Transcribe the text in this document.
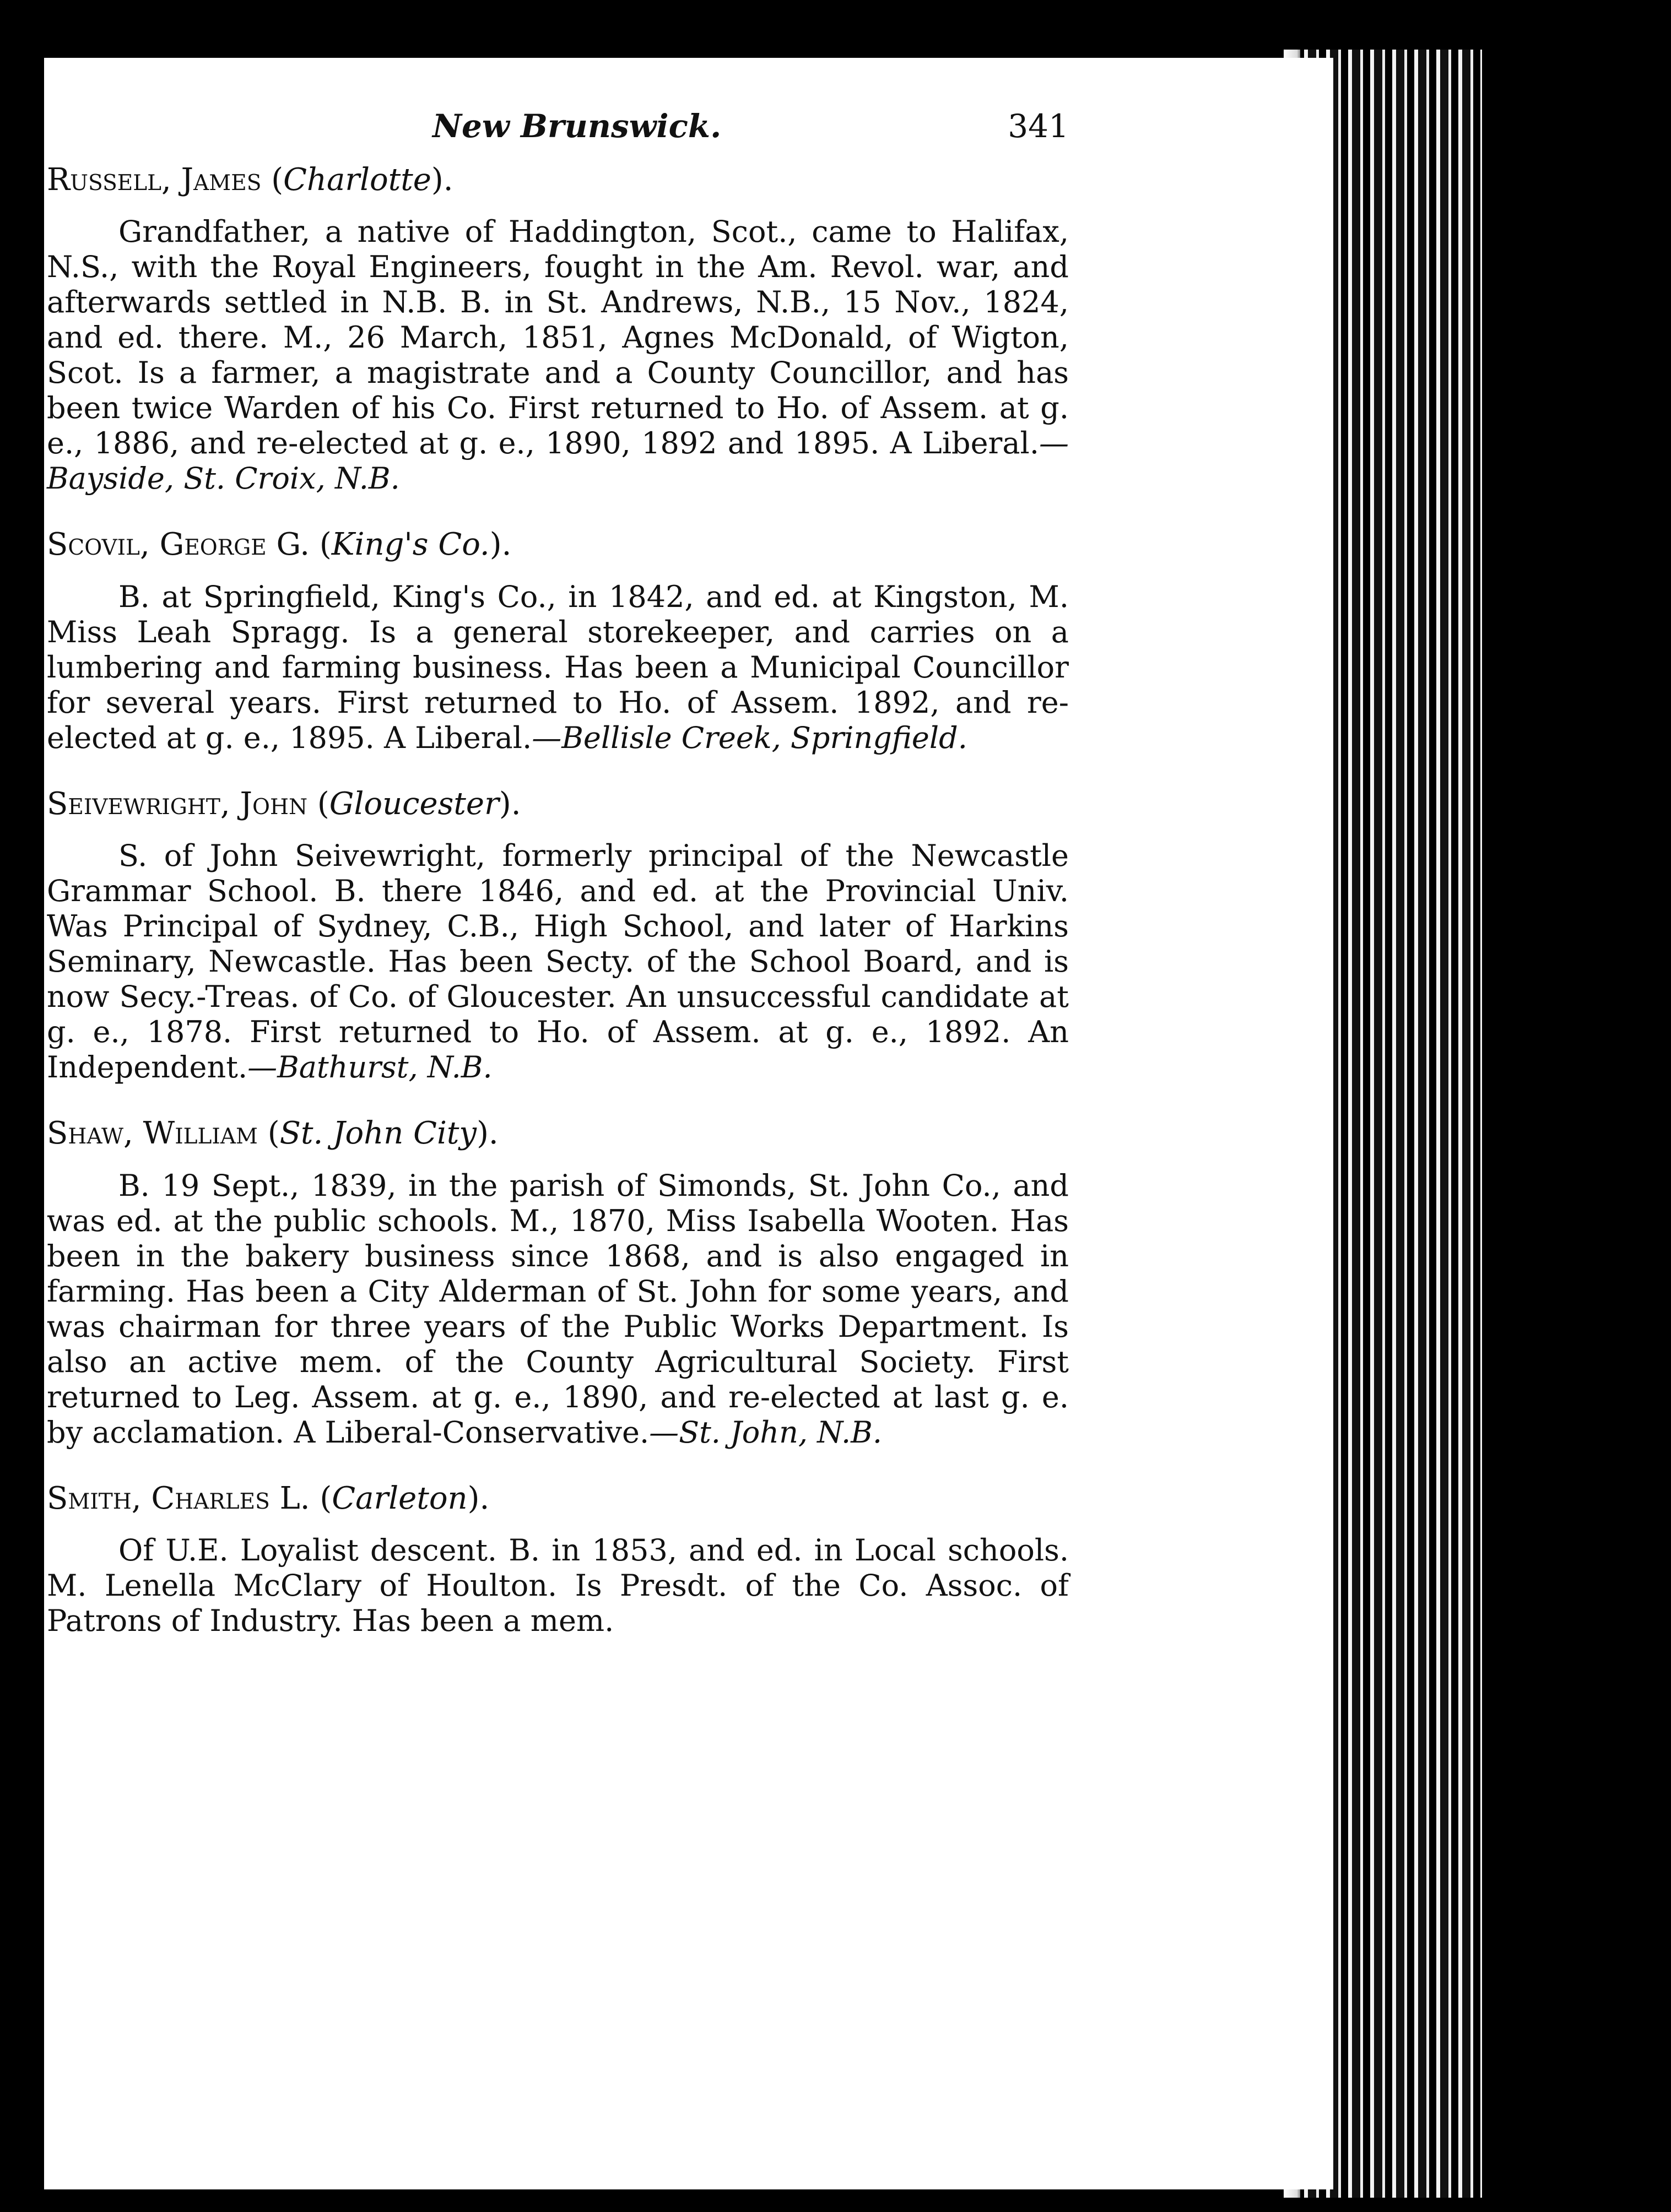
New Brunswick.	341

Russell, James (Charlotte).

Grandfather, a native of Haddington, Scot., came to Halifax, N.S., with the Royal Engineers, fought in the Am. Revol. war, and afterwards settled in N.B. B. in St. Andrews, N.B., 15 Nov., 1824, and ed. there. M., 26 March, 1851, Agnes McDonald, of Wigton, Scot. Is a farmer, a magistrate and a County Councillor, and has been twice Warden of his Co. First returned to Ho. of Assem. at g. e., 1886, and re-elected at g. e., 1890, 1892 and 1895. A Liberal.—Bayside, St. Croix, N.B.

Scovil, George G. (King's Co.).

B. at Springfield, King's Co., in 1842, and ed. at Kingston, M. Miss Leah Spragg. Is a general storekeeper, and carries on a lumbering and farming business. Has been a Municipal Councillor for several years. First returned to Ho. of Assem. 1892, and re-elected at g. e., 1895. A Liberal.—Bellisle Creek, Springfield.

Seivewright, John (Gloucester).

S. of John Seivewright, formerly principal of the Newcastle Grammar School. B. there 1846, and ed. at the Provincial Univ. Was Principal of Sydney, C.B., High School, and later of Harkins Seminary, Newcastle. Has been Secty. of the School Board, and is now Secy.-Treas. of Co. of Gloucester. An unsuccessful candidate at g. e., 1878. First returned to Ho. of Assem. at g. e., 1892. An Independent.—Bathurst, N.B.

Shaw, William (St. John City).

B. 19 Sept., 1839, in the parish of Simonds, St. John Co., and was ed. at the public schools. M., 1870, Miss Isabella Wooten. Has been in the bakery business since 1868, and is also engaged in farming. Has been a City Alderman of St. John for some years, and was chairman for three years of the Public Works Department. Is also an active mem. of the County Agricultural Society. First returned to Leg. Assem. at g. e., 1890, and re-elected at last g. e. by acclamation. A Liberal-Conservative.—St. John, N.B.

Smith, Charles L. (Carleton).

Of U.E. Loyalist descent. B. in 1853, and ed. in Local schools. M. Lenella McClary of Houlton. Is Presdt. of the Co. Assoc. of Patrons of Industry. Has been a mem.
